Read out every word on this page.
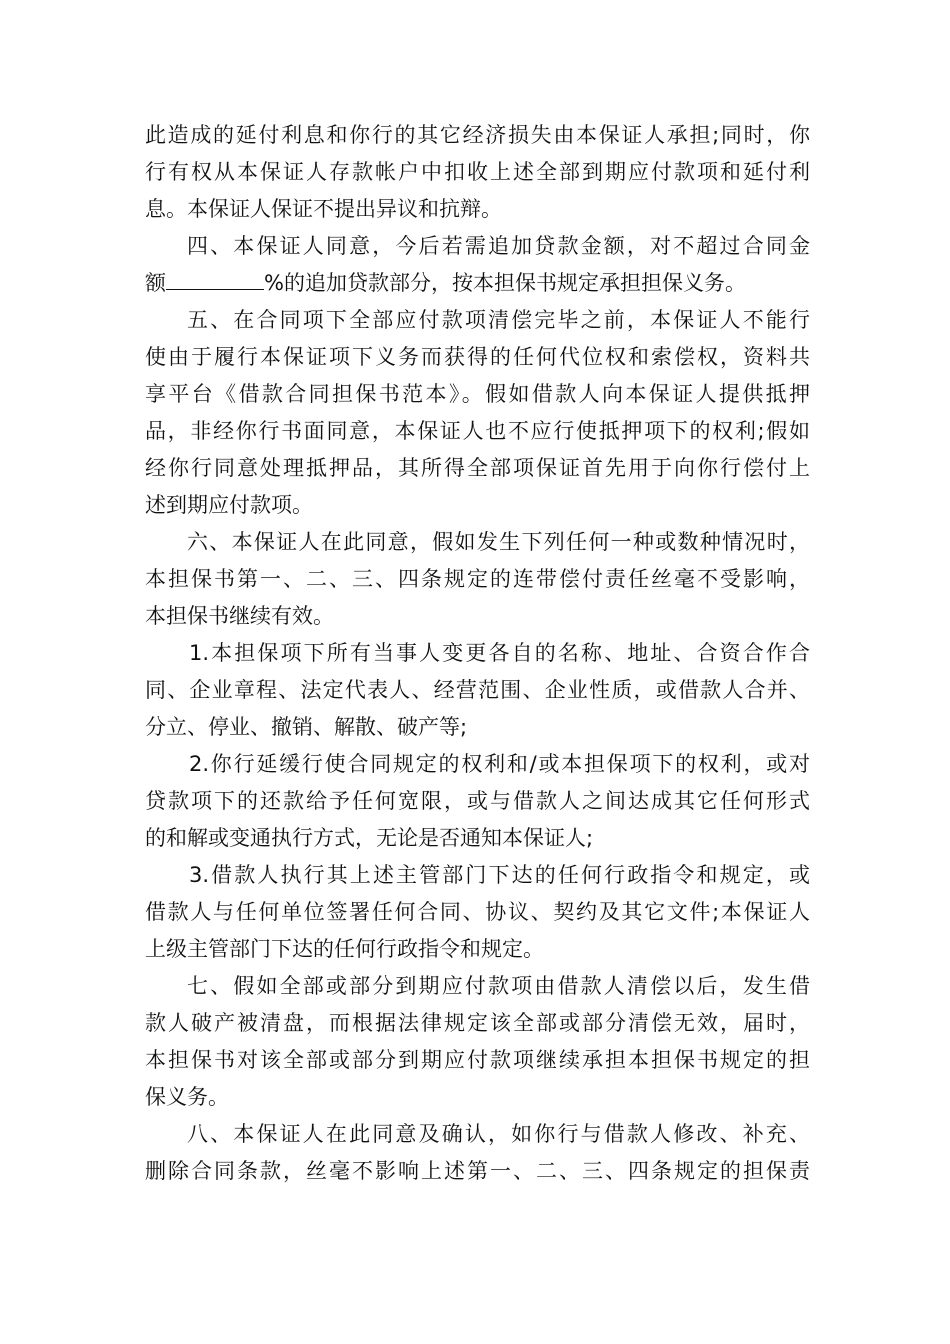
此造成的延付利息和你行的其它经济损失由本保证人承担;同时，你
行有权从本保证人存款帐户中扣收上述全部到期应付款项和延付利
息。本保证人保证不提出异议和抗辩。
四、本保证人同意，今后若需追加贷款金额，对不超过合同金
额	%的追加贷款部分，按本担保书规定承担担保义务。
五、在合同项下全部应付款项清偿完毕之前，本保证人不能行
使由于履行本保证项下义务而获得的任何代位权和索偿权，资料共
享平台《借款合同担保书范本》。假如借款人向本保证人提供抵押
品，非经你行书面同意，本保证人也不应行使抵押项下的权利;假如
经你行同意处理抵押品，其所得全部项保证首先用于向你行偿付上
述到期应付款项。
六、本保证人在此同意，假如发生下列任何一种或数种情况时，
本担保书第一、二、三、四条规定的连带偿付责任丝毫不受影响，
本担保书继续有效。
1.本担保项下所有当事人变更各自的名称、地址、合资合作合
同、企业章程、法定代表人、经营范围、企业性质，或借款人合并、
分立、停业、撤销、解散、破产等;
2.你行延缓行使合同规定的权利和/或本担保项下的权利，或对
贷款项下的还款给予任何宽限，或与借款人之间达成其它任何形式
的和解或变通执行方式，无论是否通知本保证人;
3.借款人执行其上述主管部门下达的任何行政指令和规定，或
借款人与任何单位签署任何合同、协议、契约及其它文件;本保证人
上级主管部门下达的任何行政指令和规定。
七、假如全部或部分到期应付款项由借款人清偿以后，发生借
款人破产被清盘，而根据法律规定该全部或部分清偿无效，届时，
本担保书对该全部或部分到期应付款项继续承担本担保书规定的担
保义务。
八、本保证人在此同意及确认，如你行与借款人修改、补充、
删除合同条款，丝毫不影响上述第一、二、三、四条规定的担保责
